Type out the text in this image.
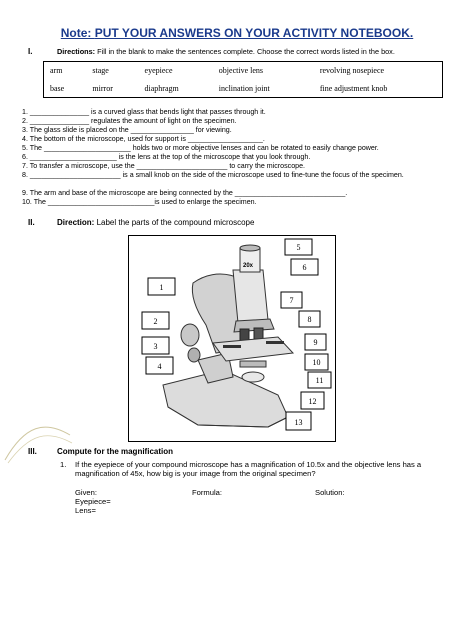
Note: PUT YOUR ANSWERS ON YOUR ACTIVITY NOTEBOOK.
I.	Directions: Fill in the blank to make the sentences complete. Choose the correct words listed in the box.
arm	stage	eyepiece	objective lens	revolving nosepiece
base	mirror	diaphragm	inclination joint	fine adjustment knob
1. _______________ is a curved glass that bends light that passes through it.
2. _______________ regulates the amount of light on the specimen.
3. The glass slide is placed on the ________________ for viewing.
4. The bottom of the microscope, used for support is ___________________.
5. The ______________________ holds two or more objective lenses and can be rotated to easily change power.
6. ______________________ is the lens at the top of the microscope that you look through.
7. To transfer a microscope, use the _______________________ to carry the microscope.
8. _______________________ is a small knob on the side of the microscope used to fine-tune the focus of the specimen.
9. The arm and base of the microscope are being connected by the ____________________________.
10. The ___________________________is used to enlarge the specimen.
II.	Direction: Label the parts of the compound microscope
20x
1
2
3
4
5
6
7
8
9
10
11
12
13
III.	Compute for the magnification
1. If the eyepiece of your compound microscope has a magnification of 10.5x and the objective lens has a magnification of 45x, how big is your image from the original specimen?
Given:	Formula:	Solution:
Eyepiece=
Lens=
